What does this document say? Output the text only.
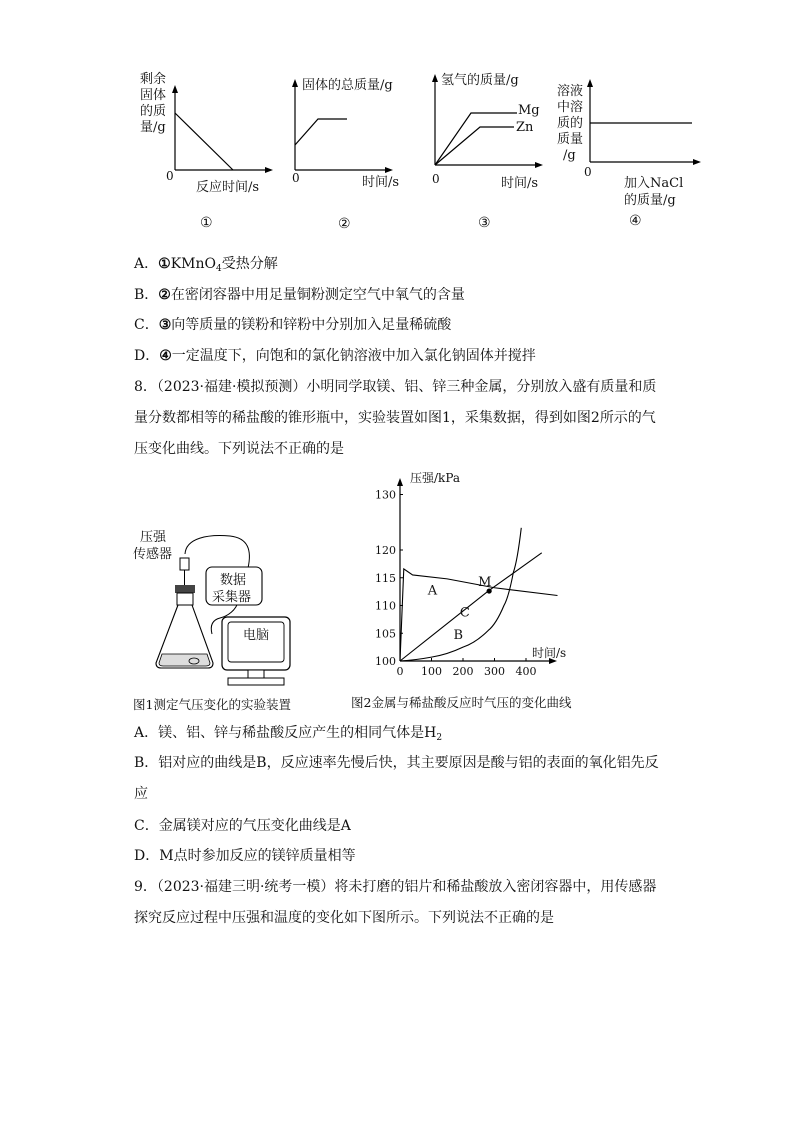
剩余 固体 的质 量/g
0
反应时间/s
①
固体的总质量/g
0	时间/s
②
氢气的质量/g
Mg
Zn
0	时间/s
③
溶液 中溶 质的 质量 /g
0
加入NaCl 的质量/g
④
A．①KMnO$_4$受热分解
B．②在密闭容器中用足量铜粉测定空气中氧气的含量
C．③向等质量的镁粉和锌粉中分别加入足量稀硫酸
D．④一定温度下，向饱和的氯化钠溶液中加入氯化钠固体并搅拌
8．（2023·福建·模拟预测）小明同学取镁、铝、锌三种金属，分别放入盛有质量和质量分数都相等的稀盐酸的锥形瓶中，实验装置如图1，采集数据，得到如图2所示的气压变化曲线。下列说法不正确的是
数据 采集器
压强 传感器
电脑
压强/kPa
时间/s
0 100 200 300 400
100
105
110
115
120
130
A
B
C
M
图1测定气压变化的实验装置	图2金属与稀盐酸反应时气压的变化曲线
A．镁、铝、锌与稀盐酸反应产生的相同气体是$H_2$
B．铝对应的曲线是B，反应速率先慢后快，其主要原因是酸与铝的表面的氧化铝先反应
C．金属镁对应的气压变化曲线是A
D．M点时参加反应的镁锌质量相等
9．（2023·福建三明·统考一模）将未打磨的铝片和稀盐酸放入密闭容器中，用传感器探究反应过程中压强和温度的变化如下图所示。下列说法不正确的是
